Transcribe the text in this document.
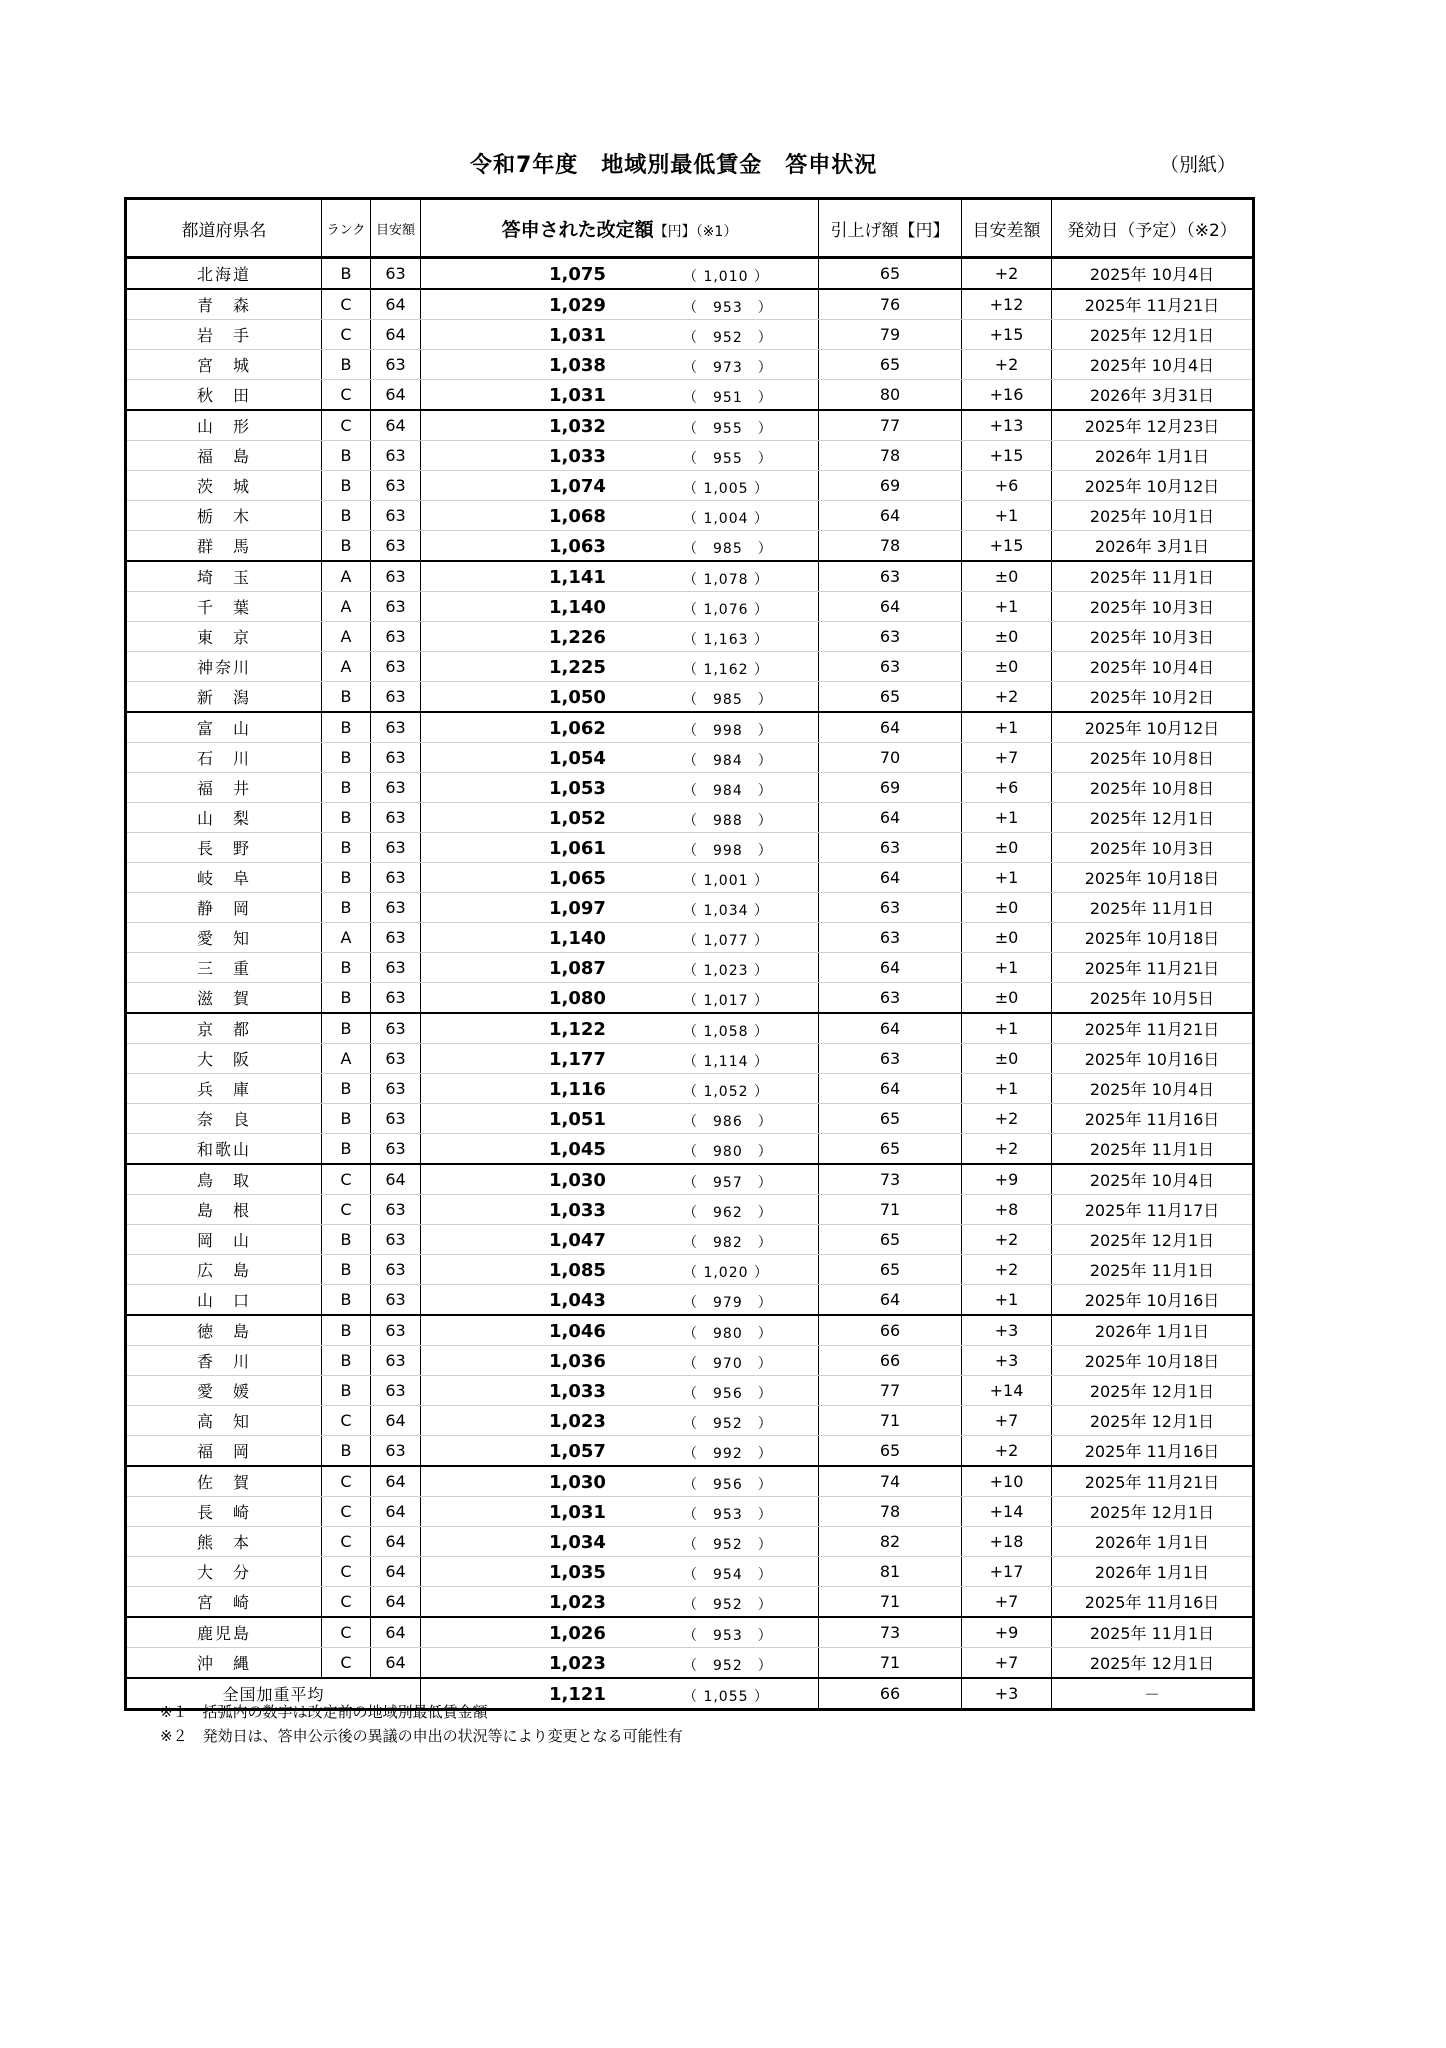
令和7年度　地域別最低賃金　答申状況	（別紙）
都道府県名	ランク	目安額	答申された改定額【円】（※1）	引上げ額【円】	目安差額	発効日（予定）（※2）
北海道	B	63	1,075 （ 1,010 ）	65	+2	2025年 10月4日
青　森	C	64	1,029 （　953　）	76	+12	2025年 11月21日
岩　手	C	64	1,031 （　952　）	79	+15	2025年 12月1日
宮　城	B	63	1,038 （　973　）	65	+2	2025年 10月4日
秋　田	C	64	1,031 （　951　）	80	+16	2026年 3月31日
山　形	C	64	1,032 （　955　）	77	+13	2025年 12月23日
福　島	B	63	1,033 （　955　）	78	+15	2026年 1月1日
茨　城	B	63	1,074 （ 1,005 ）	69	+6	2025年 10月12日
栃　木	B	63	1,068 （ 1,004 ）	64	+1	2025年 10月1日
群　馬	B	63	1,063 （　985　）	78	+15	2026年 3月1日
埼　玉	A	63	1,141 （ 1,078 ）	63	±0	2025年 11月1日
千　葉	A	63	1,140 （ 1,076 ）	64	+1	2025年 10月3日
東　京	A	63	1,226 （ 1,163 ）	63	±0	2025年 10月3日
神奈川	A	63	1,225 （ 1,162 ）	63	±0	2025年 10月4日
新　潟	B	63	1,050 （　985　）	65	+2	2025年 10月2日
富　山	B	63	1,062 （　998　）	64	+1	2025年 10月12日
石　川	B	63	1,054 （　984　）	70	+7	2025年 10月8日
福　井	B	63	1,053 （　984　）	69	+6	2025年 10月8日
山　梨	B	63	1,052 （　988　）	64	+1	2025年 12月1日
長　野	B	63	1,061 （　998　）	63	±0	2025年 10月3日
岐　阜	B	63	1,065 （ 1,001 ）	64	+1	2025年 10月18日
静　岡	B	63	1,097 （ 1,034 ）	63	±0	2025年 11月1日
愛　知	A	63	1,140 （ 1,077 ）	63	±0	2025年 10月18日
三　重	B	63	1,087 （ 1,023 ）	64	+1	2025年 11月21日
滋　賀	B	63	1,080 （ 1,017 ）	63	±0	2025年 10月5日
京　都	B	63	1,122 （ 1,058 ）	64	+1	2025年 11月21日
大　阪	A	63	1,177 （ 1,114 ）	63	±0	2025年 10月16日
兵　庫	B	63	1,116 （ 1,052 ）	64	+1	2025年 10月4日
奈　良	B	63	1,051 （　986　）	65	+2	2025年 11月16日
和歌山	B	63	1,045 （　980　）	65	+2	2025年 11月1日
鳥　取	C	64	1,030 （　957　）	73	+9	2025年 10月4日
島　根	C	63	1,033 （　962　）	71	+8	2025年 11月17日
岡　山	B	63	1,047 （　982　）	65	+2	2025年 12月1日
広　島	B	63	1,085 （ 1,020 ）	65	+2	2025年 11月1日
山　口	B	63	1,043 （　979　）	64	+1	2025年 10月16日
徳　島	B	63	1,046 （　980　）	66	+3	2026年 1月1日
香　川	B	63	1,036 （　970　）	66	+3	2025年 10月18日
愛　媛	B	63	1,033 （　956　）	77	+14	2025年 12月1日
高　知	C	64	1,023 （　952　）	71	+7	2025年 12月1日
福　岡	B	63	1,057 （　992　）	65	+2	2025年 11月16日
佐　賀	C	64	1,030 （　956　）	74	+10	2025年 11月21日
長　崎	C	64	1,031 （　953　）	78	+14	2025年 12月1日
熊　本	C	64	1,034 （　952　）	82	+18	2026年 1月1日
大　分	C	64	1,035 （　954　）	81	+17	2026年 1月1日
宮　崎	C	64	1,023 （　952　）	71	+7	2025年 11月16日
鹿児島	C	64	1,026 （　953　）	73	+9	2025年 11月1日
沖　縄	C	64	1,023 （　952　）	71	+7	2025年 12月1日
全国加重平均			1,121 （ 1,055 ）	66	+3	－
※１　括弧内の数字は改定前の地域別最低賃金額
※２　発効日は、答申公示後の異議の申出の状況等により変更となる可能性有
